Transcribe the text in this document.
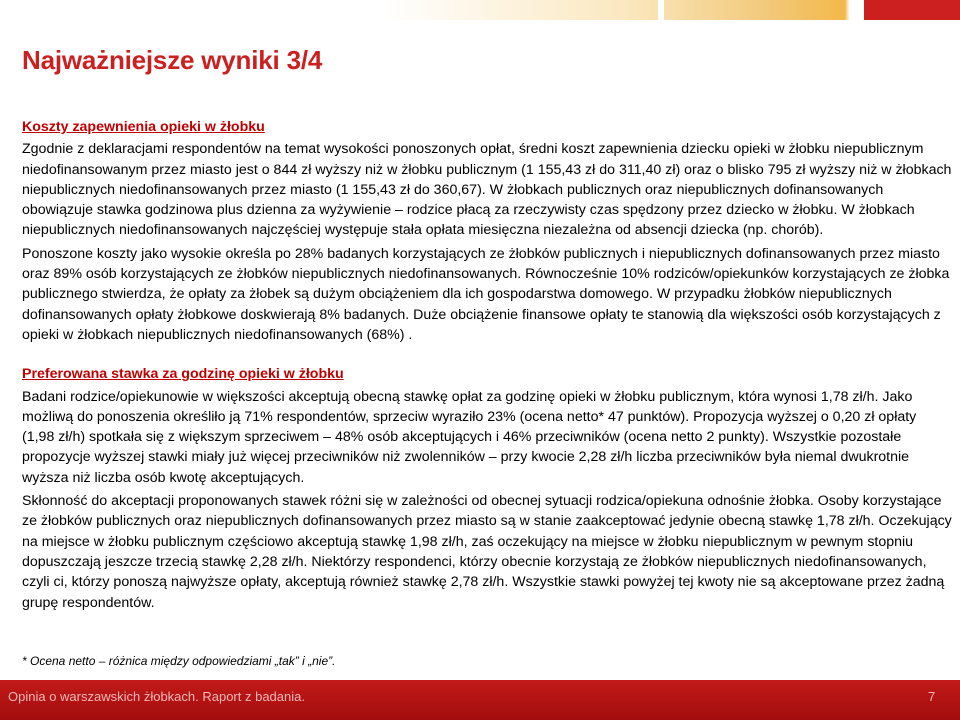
Najważniejsze wyniki 3/4

Koszty zapewnienia opieki w żłobku

Zgodnie z deklaracjami respondentów na temat wysokości ponoszonych opłat, średni koszt zapewnienia dziecku opieki w żłobku niepublicznym niedofinansowanym przez miasto jest o 844 zł wyższy niż w żłobku publicznym (1 155,43 zł do 311,40 zł) oraz o blisko 795 zł wyższy niż w żłobkach niepublicznych niedofinansowanych przez miasto (1 155,43 zł do 360,67). W żłobkach publicznych oraz niepublicznych dofinansowanych obowiązuje stawka godzinowa plus dzienna za wyżywienie – rodzice płacą za rzeczywisty czas spędzony przez dziecko w żłobku. W żłobkach niepublicznych niedofinansowanych najczęściej występuje stała opłata miesięczna niezależna od absencji dziecka (np. chorób).

Ponoszone koszty jako wysokie określa po 28% badanych korzystających ze żłobków publicznych i niepublicznych dofinansowanych przez miasto oraz 89% osób korzystających ze żłobków niepublicznych niedofinansowanych. Równocześnie 10% rodziców/opiekunków korzystających ze żłobka publicznego stwierdza, że opłaty za żłobek są dużym obciążeniem dla ich gospodarstwa domowego. W przypadku żłobków niepublicznych dofinansowanych opłaty żłobkowe doskwierają 8% badanych. Duże obciążenie finansowe opłaty te stanowią dla większości osób korzystających z opieki w żłobkach niepublicznych niedofinansowanych (68%) .

Preferowana stawka za godzinę opieki w żłobku

Badani rodzice/opiekunowie w większości akceptują obecną stawkę opłat za godzinę opieki w żłobku publicznym, która wynosi 1,78 zł/h. Jako możliwą do ponoszenia określiło ją 71% respondentów, sprzeciw wyraziło 23% (ocena netto* 47 punktów). Propozycja wyższej o 0,20 zł opłaty (1,98 zł/h) spotkała się z większym sprzeciwem – 48% osób akceptujących i 46% przeciwników (ocena netto 2 punkty). Wszystkie pozostałe propozycje wyższej stawki miały już więcej przeciwników niż zwolenników – przy kwocie 2,28 zł/h liczba przeciwników była niemal dwukrotnie wyższa niż liczba osób kwotę akceptujących.

Skłonność do akceptacji proponowanych stawek różni się w zależności od obecnej sytuacji rodzica/opiekuna odnośnie żłobka. Osoby korzystające ze żłobków publicznych oraz niepublicznych dofinansowanych przez miasto są w stanie zaakceptować jedynie obecną stawkę 1,78 zł/h. Oczekujący na miejsce w żłobku publicznym częściowo akceptują stawkę 1,98 zł/h, zaś oczekujący na miejsce w żłobku niepublicznym w pewnym stopniu dopuszczają jeszcze trzecią stawkę 2,28 zł/h. Niektórzy respondenci, którzy obecnie korzystają ze żłobków niepublicznych niedofinansowanych, czyli ci, którzy ponoszą najwyższe opłaty, akceptują również stawkę 2,78 zł/h. Wszystkie stawki powyżej tej kwoty nie są akceptowane przez żadną grupę respondentów.

* Ocena netto – różnica między odpowiedziami „tak” i „nie”.
Opinia o warszawskich żłobkach. Raport z badania.	7
